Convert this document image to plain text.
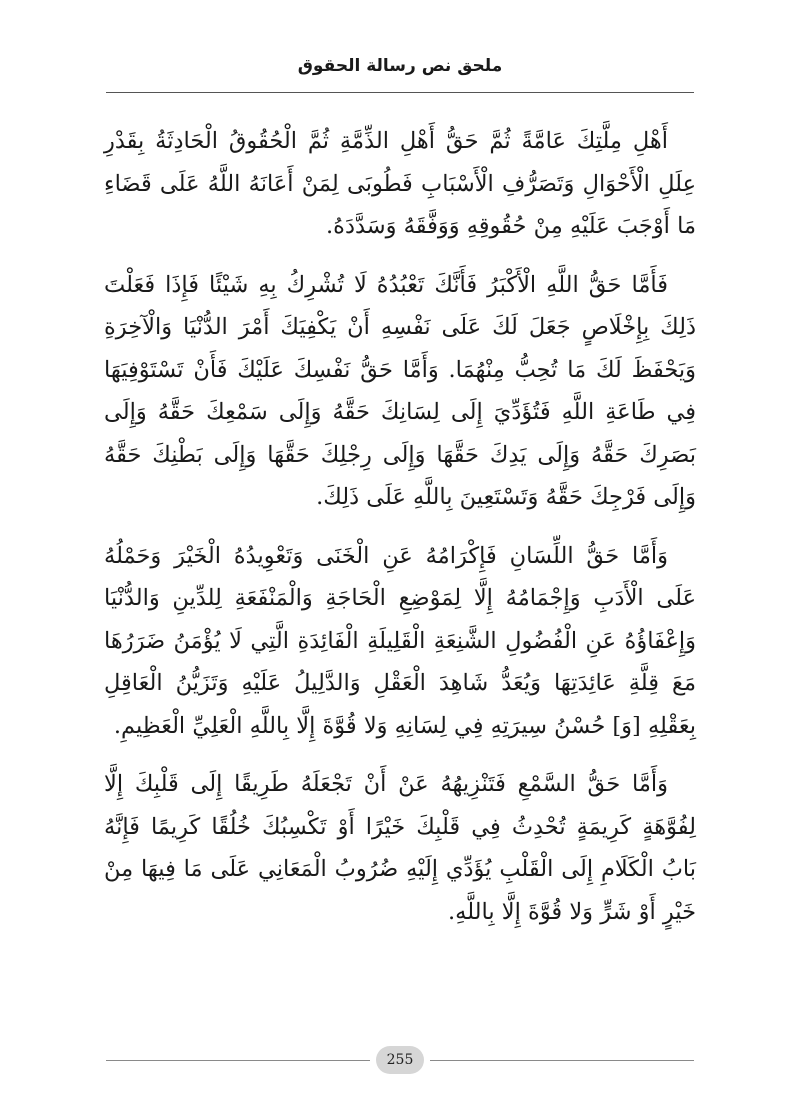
ملحق نص رسالة الحقوق

أَهْلِ مِلَّتِكَ عَامَّةً ثُمَّ حَقُّ أَهْلِ الذِّمَّةِ ثُمَّ الْحُقُوقُ الْحَادِثَةُ بِقَدْرِ عِلَلِ الْأَحْوَالِ وَتَصَرُّفِ الْأَسْبَابِ فَطُوبَى لِمَنْ أَعَانَهُ اللَّهُ عَلَى قَضَاءِ مَا أَوْجَبَ عَلَيْهِ مِنْ حُقُوقِهِ وَوَفَّقَهُ وَسَدَّدَهُ.

فَأَمَّا حَقُّ اللَّهِ الْأَكْبَرُ فَأَنَّكَ تَعْبُدُهُ لَا تُشْرِكُ بِهِ شَيْئًا فَإِذَا فَعَلْتَ ذَلِكَ بِإِخْلَاصٍ جَعَلَ لَكَ عَلَى نَفْسِهِ أَنْ يَكْفِيَكَ أَمْرَ الدُّنْيَا وَالْآخِرَةِ وَيَحْفَظَ لَكَ مَا تُحِبُّ مِنْهُمَا. وَأَمَّا حَقُّ نَفْسِكَ عَلَيْكَ فَأَنْ تَسْتَوْفِيَهَا فِي طَاعَةِ اللَّهِ فَتُؤَدِّيَ إِلَى لِسَانِكَ حَقَّهُ وَإِلَى سَمْعِكَ حَقَّهُ وَإِلَى بَصَرِكَ حَقَّهُ وَإِلَى يَدِكَ حَقَّهَا وَإِلَى رِجْلِكَ حَقَّهَا وَإِلَى بَطْنِكَ حَقَّهُ وَإِلَى فَرْجِكَ حَقَّهُ وَتَسْتَعِينَ بِاللَّهِ عَلَى ذَلِكَ.

وَأَمَّا حَقُّ اللِّسَانِ فَإِكْرَامُهُ عَنِ الْخَنَى وَتَعْوِيدُهُ الْخَيْرَ وَحَمْلُهُ عَلَى الْأَدَبِ وَإِجْمَامُهُ إِلَّا لِمَوْضِعِ الْحَاجَةِ وَالْمَنْفَعَةِ لِلدِّينِ وَالدُّنْيَا وَإِعْفَاؤُهُ عَنِ الْفُضُولِ الشَّنِعَةِ الْقَلِيلَةِ الْفَائِدَةِ الَّتِي لَا يُؤْمَنُ ضَرَرُهَا مَعَ قِلَّةِ عَائِدَتِهَا وَيُعَدُّ شَاهِدَ الْعَقْلِ وَالدَّلِيلُ عَلَيْهِ وَتَزَيُّنُ الْعَاقِلِ بِعَقْلِهِ [وَ] حُسْنُ سِيرَتِهِ فِي لِسَانِهِ وَلا قُوَّةَ إِلَّا بِاللَّهِ الْعَلِيِّ الْعَظِيمِ.

وَأَمَّا حَقُّ السَّمْعِ فَتَنْزِيهُهُ عَنْ أَنْ تَجْعَلَهُ طَرِيقًا إِلَى قَلْبِكَ إِلَّا لِفُوَّهَةٍ كَرِيمَةٍ تُحْدِثُ فِي قَلْبِكَ خَيْرًا أَوْ تَكْسِبُكَ خُلُقًا كَرِيمًا فَإِنَّهُ بَابُ الْكَلَامِ إِلَى الْقَلْبِ يُؤَدِّي إِلَيْهِ ضُرُوبُ الْمَعَانِي عَلَى مَا فِيهَا مِنْ خَيْرٍ أَوْ شَرٍّ وَلا قُوَّةَ إِلَّا بِاللَّهِ.

255
